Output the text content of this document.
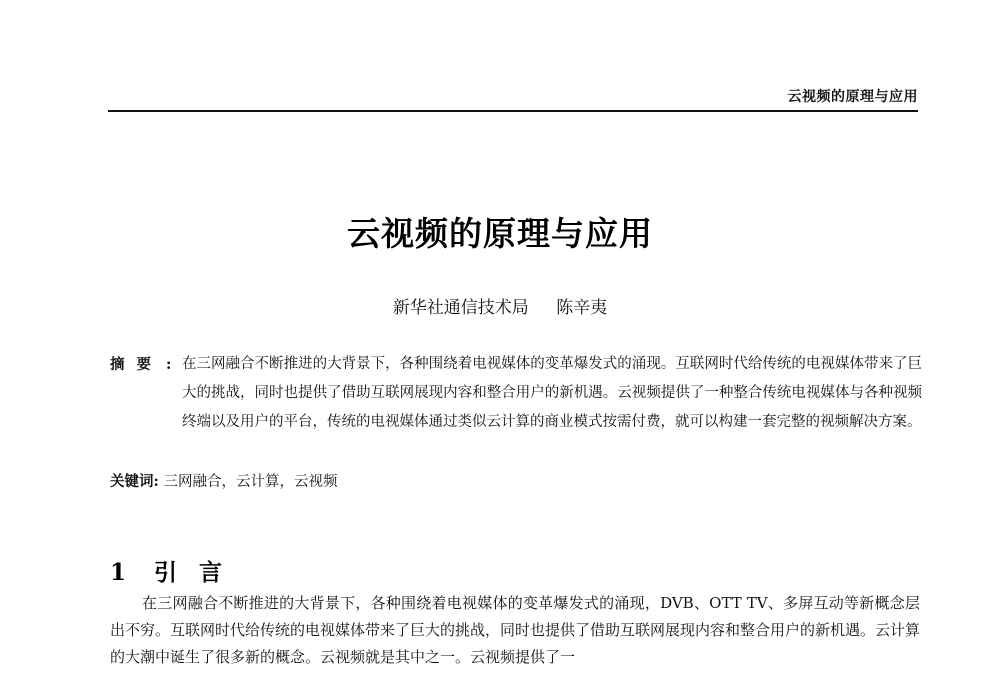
云视频的原理与应用
云视频的原理与应用
新华社通信技术局 陈辛夷
摘要 : 在三网融合不断推进的大背景下，各种围绕着电视媒体的变革爆发式的涌现。互联网时代给传统的电视媒体带来了巨大的挑战，同时也提供了借助互联网展现内容和整合用户的新机遇。云视频提供了一种整合传统电视媒体与各种视频终端以及用户的平台，传统的电视媒体通过类似云计算的商业模式按需付费，就可以构建一套完整的视频解决方案。
关键词: 三网融合，云计算，云视频
1 引言

在三网融合不断推进的大背景下，各种围绕着电视媒体的变革爆发式的涌现，DVB、OTT TV、多屏互动等新概念层出不穷。互联网时代给传统的电视媒体带来了巨大的挑战，同时也提供了借助互联网展现内容和整合用户的新机遇。云计算的大潮中诞生了很多新的概念。云视频就是其中之一。云视频提供了一
